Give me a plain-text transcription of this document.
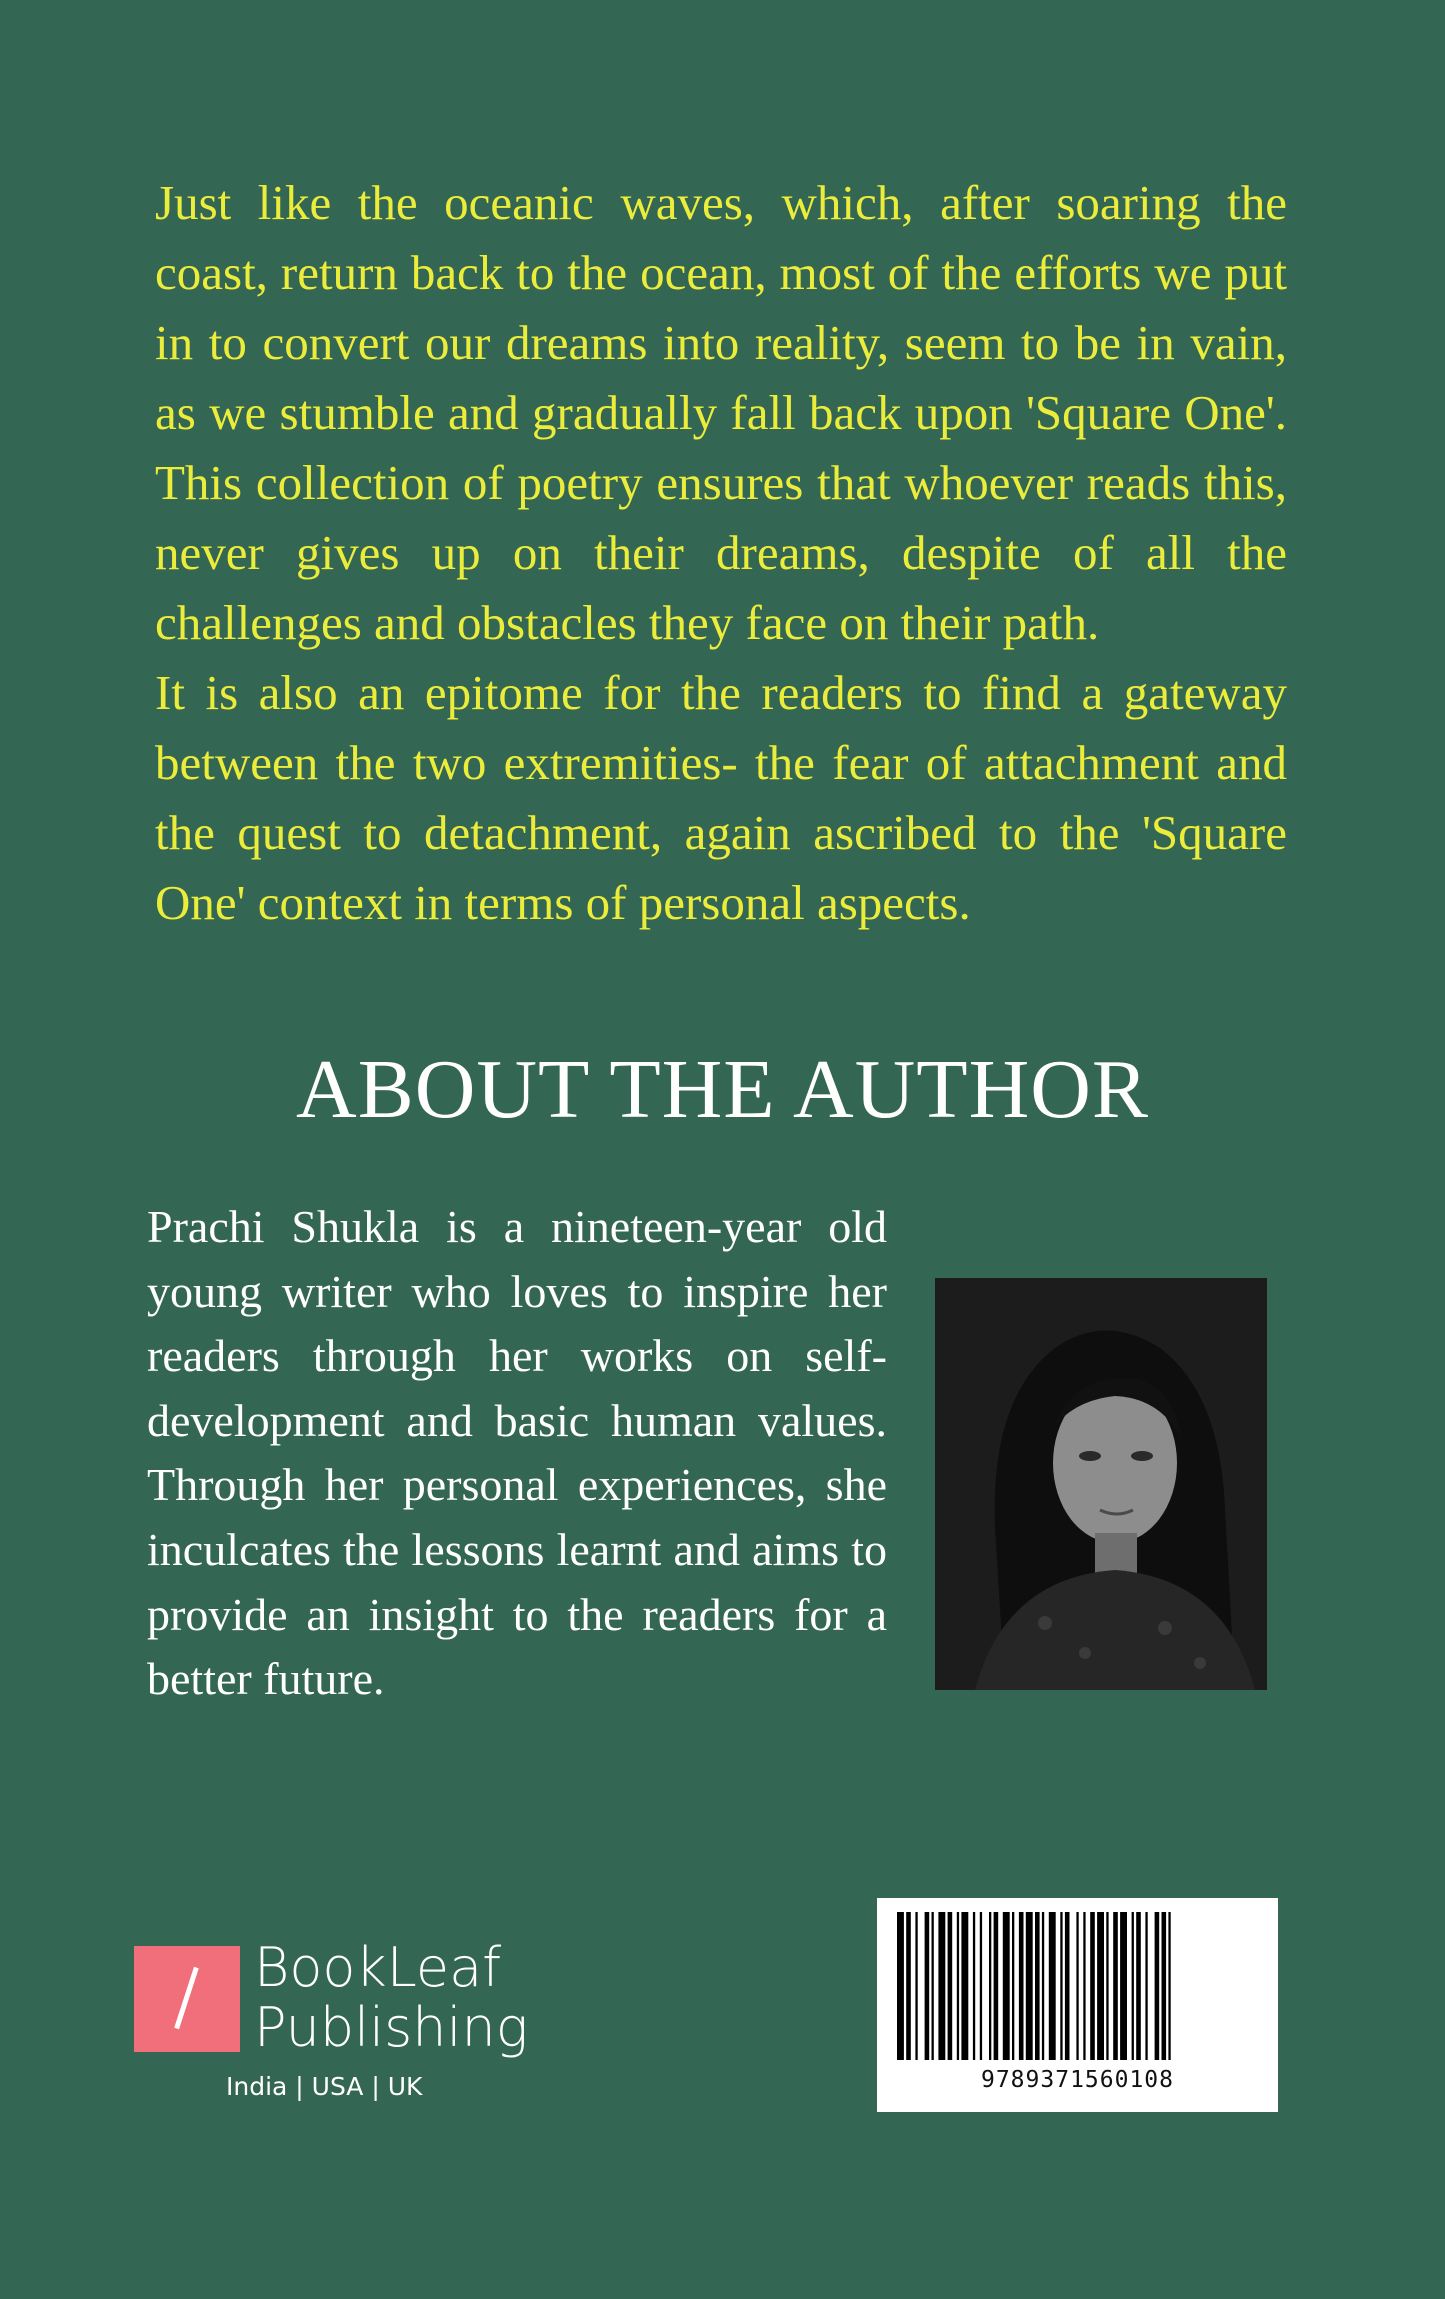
Just like the oceanic waves, which, after soaring the coast, return back to the ocean, most of the efforts we put in to convert our dreams into reality, seem to be in vain, as we stumble and gradually fall back upon 'Square One'. This collection of poetry ensures that whoever reads this, never gives up on their dreams, despite of all the challenges and obstacles they face on their path.

It is also an epitome for the readers to find a gateway between the two extremities- the fear of attachment and the quest to detachment, again ascribed to the 'Square One' context in terms of personal aspects.

ABOUT THE AUTHOR

Prachi Shukla is a nineteen-year old young writer who loves to inspire her readers through her works on self-development and basic human values. Through her personal experiences, she inculcates the lessons learnt and aims to provide an insight to the readers for a better future.

BookLeaf
Publishing
India | USA | UK	9789371560108
